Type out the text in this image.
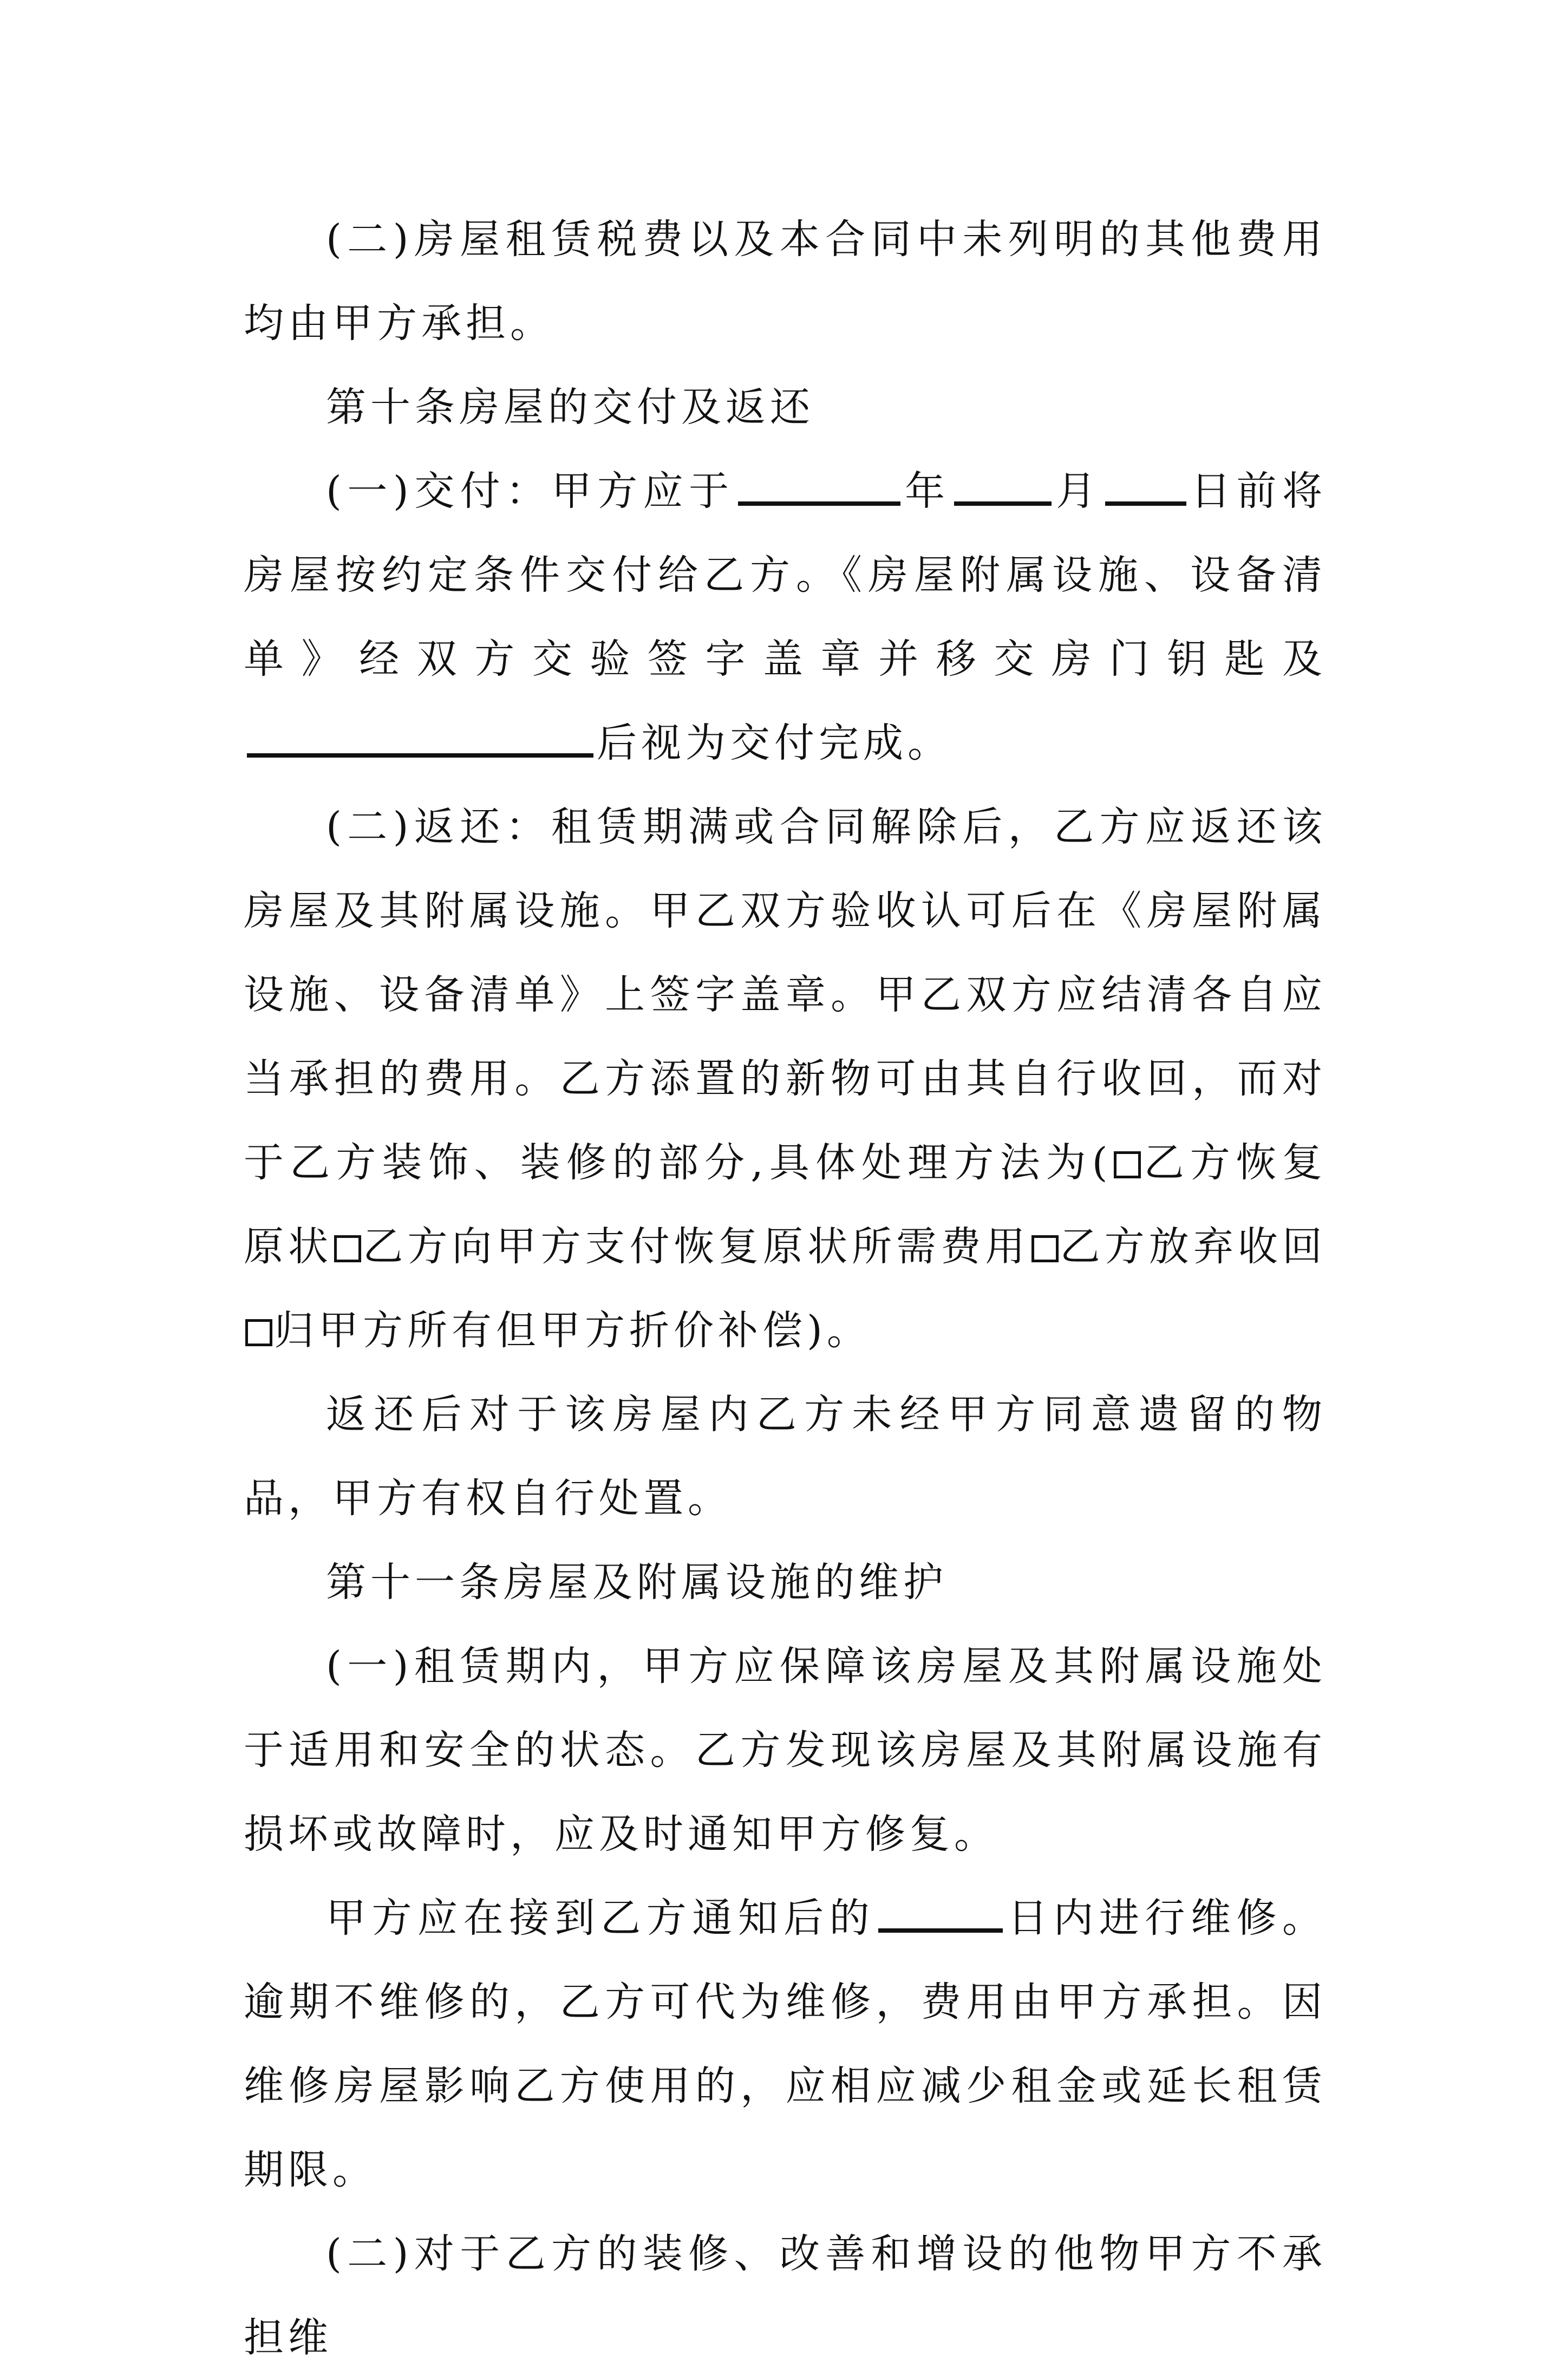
(二)房屋租赁税费以及本合同中未列明的其他费用均由甲方承担。

第十条房屋的交付及返还

(一)交付：甲方应于	年	月 日前将房屋按约定条件交付给乙方。《房屋附属设施、设备清单》经双方交验签字盖章并移交房门钥匙及后视为交付完成。

(二)返还：租赁期满或合同解除后，乙方应返还该房屋及其附属设施。甲乙双方验收认可后在《房屋附属设施、设备清单》上签字盖章。甲乙双方应结清各自应当承担的费用。乙方添置的新物可由其自行收回，而对于乙方装饰、装修的部分,具体处理方法为( 乙方恢复原状 乙方向甲方支付恢复原状所需费用 乙方放弃收回归甲方所有但甲方折价补偿)。

返还后对于该房屋内乙方未经甲方同意遗留的物品，甲方有权自行处置。

第十一条房屋及附属设施的维护

(一)租赁期内，甲方应保障该房屋及其附属设施处于适用和安全的状态。乙方发现该房屋及其附属设施有损坏或故障时，应及时通知甲方修复。

甲方应在接到乙方通知后的	日内进行维修。逾期不维修的，乙方可代为维修，费用由甲方承担。因维修房屋影响乙方使用的，应相应减少租金或延长租赁期限。

(二)对于乙方的装修、改善和增设的他物甲方不承担维
